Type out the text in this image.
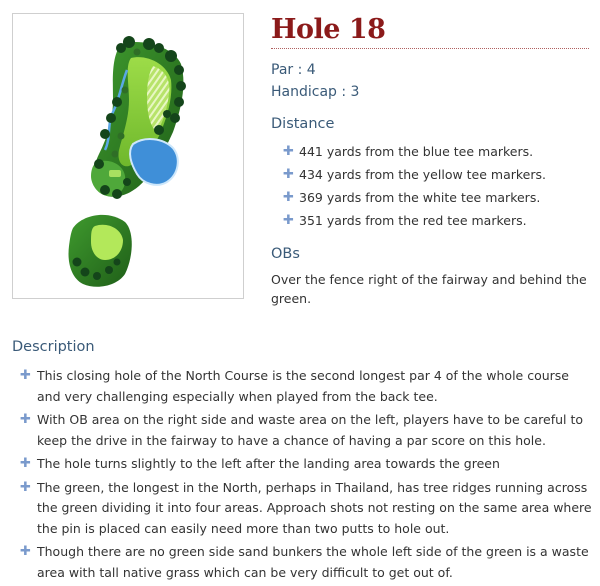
Hole 18
Par : 4
Handicap : 3
Distance
✚ 441 yards from the blue tee markers.
✚ 434 yards from the yellow tee markers.
✚ 369 yards from the white tee markers.
✚ 351 yards from the red tee markers.
OBs

Over the fence right of the fairway and behind the green.

Description
✚ This closing hole of the North Course is the second longest par 4 of the whole course and very challenging especially when played from the back tee.
✚ With OB area on the right side and waste area on the left, players have to be careful to keep the drive in the fairway to have a chance of having a par score on this hole.
✚ The hole turns slightly to the left after the landing area towards the green
✚ The green, the longest in the North, perhaps in Thailand, has tree ridges running across the green dividing it into four areas. Approach shots not resting on the same area where the pin is placed can easily need more than two putts to hole out.
✚ Though there are no green side sand bunkers the whole left side of the green is a waste area with tall native grass which can be very difficult to get out of.
